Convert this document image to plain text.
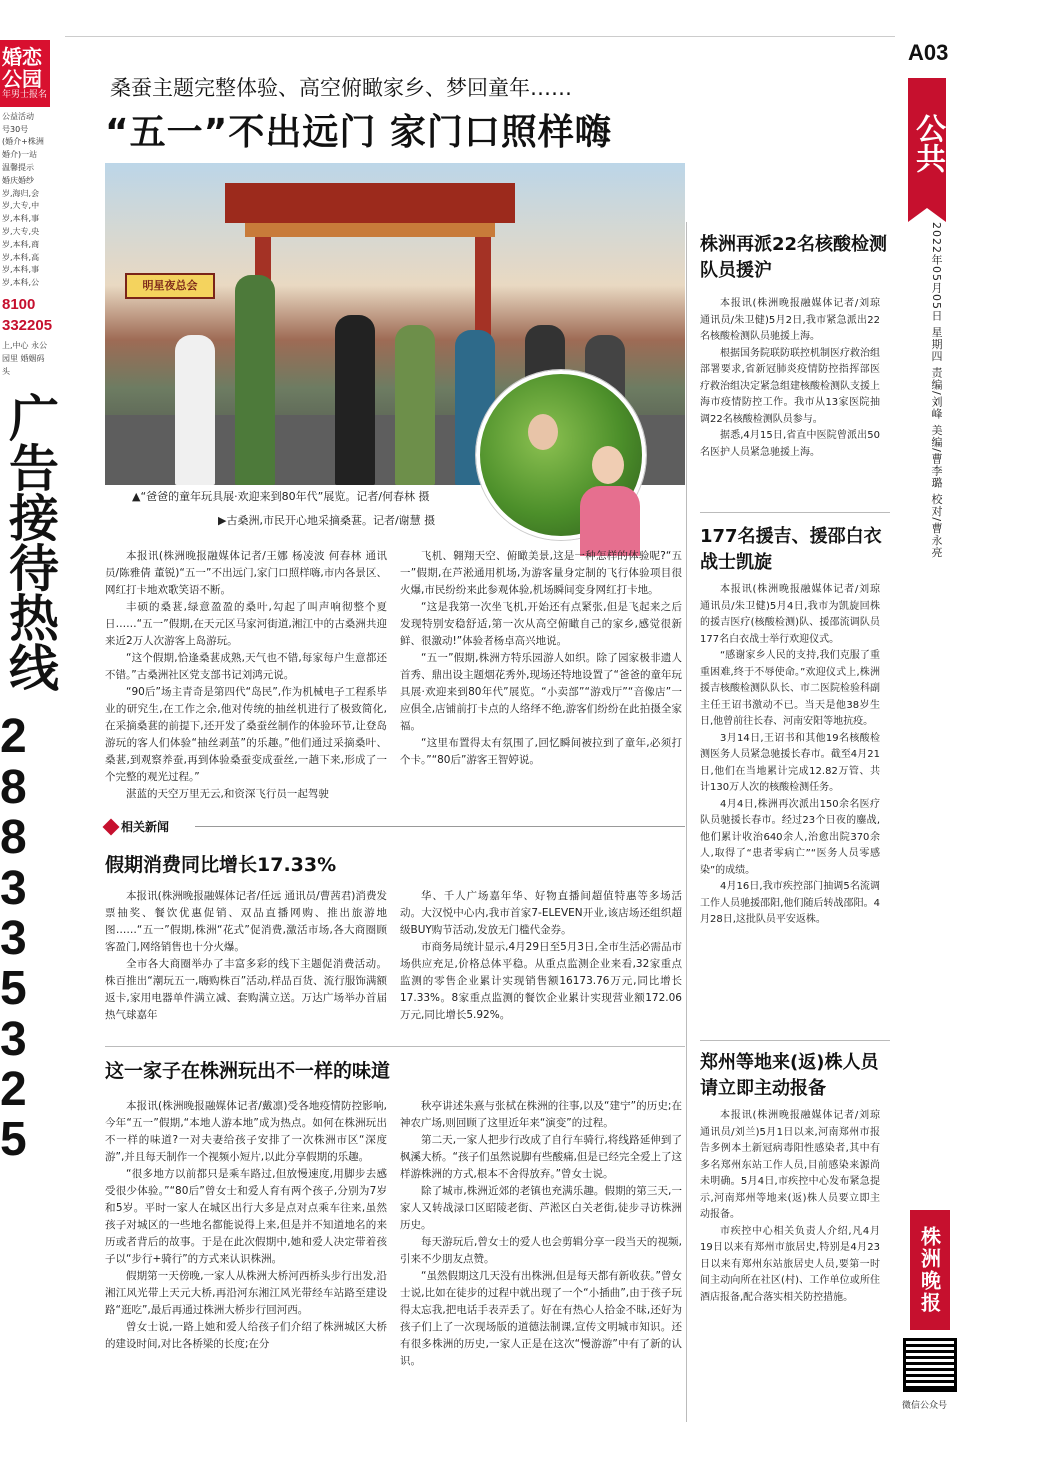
婚恋公园
年男士报名

公益活动

号30号

(婚介+株洲

婚介)一站

温馨提示

婚庆婚纱

岁,海归,会

岁,大专,中

岁,本科,事

岁,大专,央

岁,本科,商

岁,本科,高

岁,本科,事

岁,本科,公

8100
332205
上,中心 永公园里 婚姻码头
广告接待热线

2

8

8

3

3

5

3

2

5

A03
公共
2022年05月05日 星期四 责编/刘峰 美编/曹李璐 校对/曹永亮
桑蚕主题完整体验、高空俯瞰家乡、梦回童年……
“五一”不出远门 家门口照样嗨
明星夜总会
▲“爸爸的童年玩具展·欢迎来到80年代”展览。记者/何春林 摄
▶古桑洲,市民开心地采摘桑葚。记者/谢慧 摄

本报讯(株洲晚报融媒体记者/王娜 杨凌波 何春林 通讯员/陈雅倩 董锐)“五一”不出远门,家门口照样嗨,市内各景区、网红打卡地欢歌笑语不断。

丰硕的桑葚,绿意盈盈的桑叶,勾起了叫声响彻整个夏日……“五一”假期,在天元区马家河街道,湘江中的古桑洲共迎来近2万人次游客上岛游玩。

“这个假期,恰逢桑葚成熟,天气也不错,每家每户生意都还不错。”古桑洲社区党支部书记刘鸿元说。

“90后”场主青奇是第四代“岛民”,作为机械电子工程系毕业的研究生,在工作之余,他对传统的抽丝机进行了极致简化,在采摘桑葚的前提下,还开发了桑蚕丝制作的体验环节,让登岛游玩的客人们体验“抽丝剥茧”的乐趣。”他们通过采摘桑叶、桑葚,到观察养蚕,再到体验桑蚕变成蚕丝,一趟下来,形成了一个完整的观光过程。”

湛蓝的天空万里无云,和资深飞行员一起驾驶

飞机、翱翔天空、俯瞰美景,这是一种怎样的体验呢?“五一”假期,在芦淞通用机场,为游客量身定制的飞行体验项目很火爆,市民纷纷来此参观体验,机场瞬间变身网红打卡地。

“这是我第一次坐飞机,开始还有点紧张,但是飞起来之后发现特别安稳舒适,第一次从高空俯瞰自己的家乡,感觉很新鲜、很激动!”体验者杨卓高兴地说。

“五一”假期,株洲方特乐园游人如织。除了园家极非遗人首秀、鼎出设主题烟花秀外,现场还特地设置了“爸爸的童年玩具展·欢迎来到80年代”展览。“小卖部”“游戏厅”“音像店”一应俱全,店铺前打卡点的人络绎不绝,游客们纷纷在此拍摄全家福。

“这里布置得太有氛围了,回忆瞬间被拉到了童年,必须打个卡。”“80后”游客王智婷说。

相关新闻
假期消费同比增长17.33%

本报讯(株洲晚报融媒体记者/任远 通讯员/曹茜君)消费发票抽奖、餐饮优惠促销、双品直播网购、推出旅游地图……“五一”假期,株洲“花式”促消费,激活市场,各大商圈顾客盈门,网络销售也十分火爆。

全市各大商圈举办了丰富多彩的线下主题促消费活动。株百推出“潮玩五一,嗨购株百”活动,样品百货、流行服饰满额返卡,家用电器单件满立减、套购满立送。万达广场举办首届热气球嘉年

华、千人广场嘉年华、好物直播间超值特惠等多场活动。大汉悦中心内,我市首家7-ELEVEN开业,该店场还组织超级BUY购节活动,发放无门槛代金券。

市商务局统计显示,4月29日至5月3日,全市生活必需品市场供应充足,价格总体平稳。从重点监测企业来看,32家重点监测的零售企业累计实现销售额16173.76万元,同比增长17.33%。8家重点监测的餐饮企业累计实现营业额172.06万元,同比增长5.92%。

这一家子在株洲玩出不一样的味道

本报讯(株洲晚报融媒体记者/戴凛)受各地疫情防控影响,今年“五一”假期,“本地人游本地”成为热点。如何在株洲玩出不一样的味道?一对夫妻给孩子安排了一次株洲市区“深度游”,并且每天制作一个视频小短片,以此分享假期的乐趣。

“很多地方以前都只是乘车路过,但放慢速度,用脚步去感受很少体验。”“80后”曾女士和爱人育有两个孩子,分别为7岁和5岁。平时一家人在城区出行大多是点对点乘车往来,虽然孩子对城区的一些地名都能说得上来,但是并不知道地名的来历或者背后的故事。于是在此次假期中,她和爱人决定带着孩子以“步行+骑行”的方式来认识株洲。

假期第一天傍晚,一家人从株洲大桥河西桥头步行出发,沿湘江风光带上天元大桥,再沿河东湘江风光带经车站路至建设路“逛吃”,最后再通过株洲大桥步行回河西。

曾女士说,一路上她和爱人给孩子们介绍了株洲城区大桥的建设时间,对比各桥梁的长度;在分

秋亭讲述朱熹与张栻在株洲的往事,以及“建宁”的历史;在神农广场,则回顾了这里近年来“演变”的过程。

第二天,一家人把步行改成了自行车骑行,将线路延伸到了枫溪大桥。“孩子们虽然说脚有些酸痛,但是已经完全爱上了这样游株洲的方式,根本不舍得放弃。”曾女士说。

除了城市,株洲近郊的老镇也充满乐趣。假期的第三天,一家人又转战渌口区昭陵老街、芦淞区白关老街,徒步寻访株洲历史。

每天游玩后,曾女士的爱人也会剪辑分享一段当天的视频,引来不少朋友点赞。

“虽然假期这几天没有出株洲,但是每天都有新收获。”曾女士说,比如在徒步的过程中就出现了一个“小插曲”,由于孩子玩得太忘我,把电话手表弄丢了。好在有热心人拾金不昧,还好为孩子们上了一次现场版的道德法制课,宣传文明城市知识。还有很多株洲的历史,一家人正是在这次“慢游游”中有了新的认识。

株洲再派22名核酸检测队员援沪

本报讯(株洲晚报融媒体记者/刘琼 通讯员/朱卫健)5月2日,我市紧急派出22名核酸检测队员驰援上海。

根据国务院联防联控机制医疗救治组部署要求,省新冠肺炎疫情防控指挥部医疗救治组决定紧急组建核酸检测队支援上海市疫情防控工作。我市从13家医院抽调22名核酸检测队员参与。

据悉,4月15日,省直中医院曾派出50名医护人员紧急驰援上海。

177名援吉、援邵白衣战士凯旋

本报讯(株洲晚报融媒体记者/刘琼 通讯员/朱卫健)5月4日,我市为凯旋回株的援吉医疗(核酸检测)队、援邵流调队员177名白衣战士举行欢迎仪式。

“感谢家乡人民的支持,我们克服了重重困难,终于不辱使命。”欢迎仪式上,株洲援吉核酸检测队队长、市二医院检验科副主任王诏书激动不已。当天是他38岁生日,他曾前往长春、河南安阳等地抗疫。

3月14日,王诏书和其他19名核酸检测医务人员紧急驰援长春市。截至4月21日,他们在当地累计完成12.82万管、共计130万人次的核酸检测任务。

4月4日,株洲再次派出150余名医疗队员驰援长春市。经过23个日夜的鏖战,他们累计收治640余人,治愈出院370余人,取得了“患者零病亡”“医务人员零感染”的成绩。

4月16日,我市疾控部门抽调5名流调工作人员驰援邵阳,他们随后转战邵阳。4月28日,这批队员平安返株。

郑州等地来(返)株人员请立即主动报备

本报讯(株洲晚报融媒体记者/刘琼 通讯员/刘兰)5月1日以来,河南郑州市报告多例本土新冠病毒阳性感染者,其中有多名郑州东站工作人员,目前感染来源尚未明确。5月4日,市疾控中心发布紧急提示,河南郑州等地来(返)株人员要立即主动报备。

市疾控中心相关负责人介绍,凡4月19日以来有郑州市旅居史,特别是4月23日以来有郑州东站旅居史人员,要第一时间主动向所在社区(村)、工作单位或所住酒店报备,配合落实相关防控措施。	株洲晚报
微信公众号
